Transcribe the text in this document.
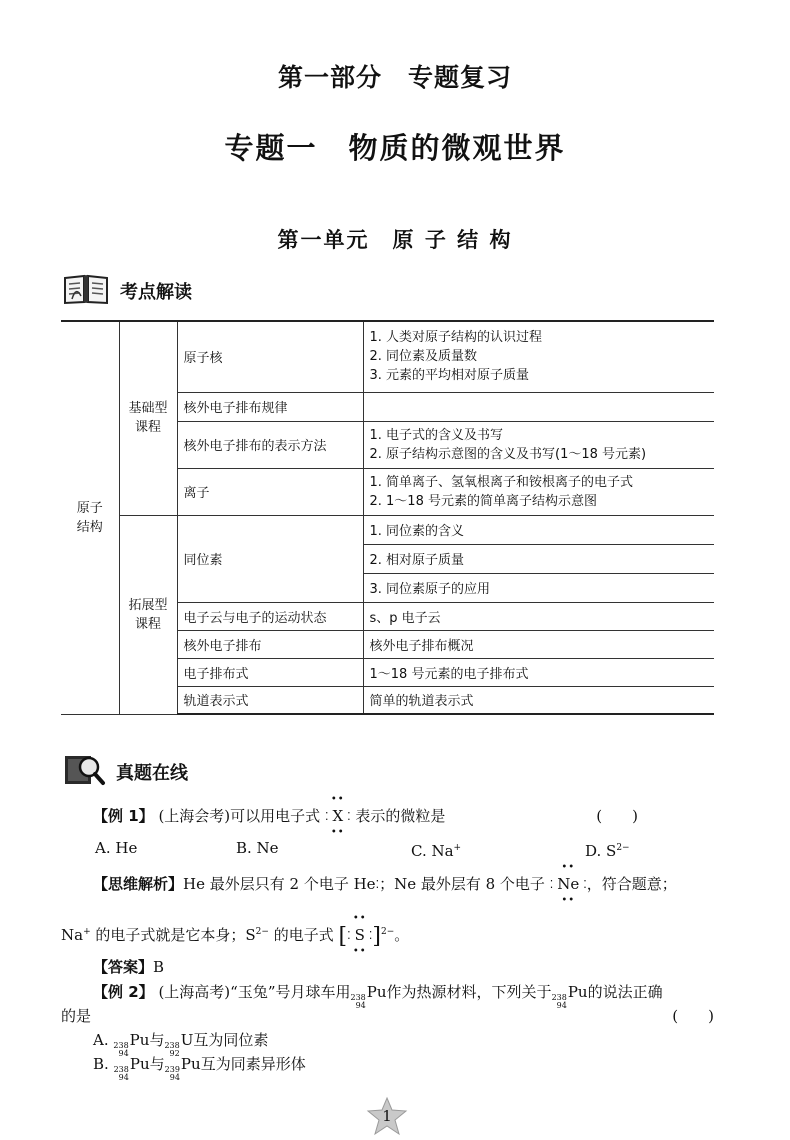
第一部分　专题复习
专题一　物质的微观世界
第一单元　原 子 结 构
考点解读
原子结构	基础型课程	原子核	1. 人类对原子结构的认识过程
2. 同位素及质量数
3. 元素的平均相对原子质量

		核外电子排布规律	
		核外电子排布的表示方法	1. 电子式的含义及书写
2. 原子结构示意图的含义及书写(1～18 号元素)

		离子	1. 简单离子、氢氧根离子和铵根离子的电子式
2. 1～18 号元素的简单离子结构示意图

	拓展型课程	同位素	1. 同位素的含义
			2. 相对原子质量
			3. 同位素原子的应用
		电子云与电子的运动状态	s、p 电子云
		核外电子排布	核外电子排布概况
		电子排布式	1～18 号元素的电子排布式
		轨道表示式	简单的轨道表示式
真题在线
【例 1】 (上海会考)可以用电子式 ⁚
••
X
••
⁚ 表示的微粒是	(　　)
A. He	B. Ne	C. Na+	D. $S^{2-}$
【思维解析】He 最外层只有 2 个电子 He⁚；Ne 最外层有 8 个电子 ⁚
••
Ne
••
⁚，符合题意；
Na+ 的电子式就是它本身；$S^{2-}$ 的电子式 [⁚
••
S
••
⁚]$^{2-}$。
【答案】B
【例 2】 (上海高考)“玉兔”号月球车用 238
94
Pu作为热源材料，下列关于 238
94
Pu的说法正确
的是	(　　)
A. 238
94
Pu与 238
92
U互为同位素
B. 238
94
Pu与 239
94
Pu互为同素异形体
1
